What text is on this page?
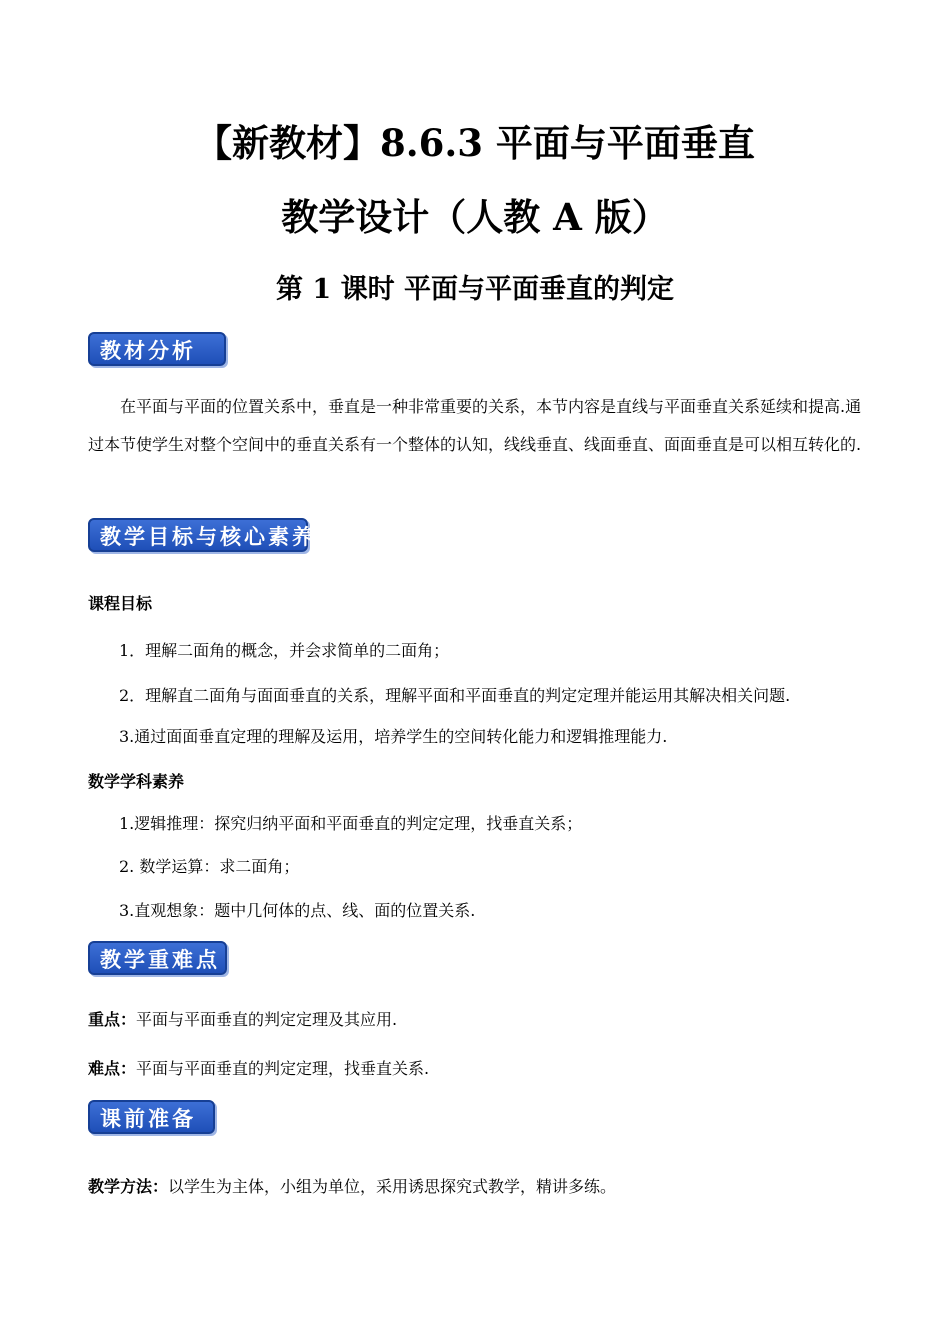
【新教材】8.6.3 平面与平面垂直
教学设计（人教 A 版）
第 1 课时 平面与平面垂直的判定
教材分析
在平面与平面的位置关系中，垂直是一种非常重要的关系，本节内容是直线与平面垂直关系延续和提高.通过本节使学生对整个空间中的垂直关系有一个整体的认知，线线垂直、线面垂直、面面垂直是可以相互转化的.
教学目标与核心素养
课程目标
1．理解二面角的概念，并会求简单的二面角；
2．理解直二面角与面面垂直的关系，理解平面和平面垂直的判定定理并能运用其解决相关问题.
3.通过面面垂直定理的理解及运用，培养学生的空间转化能力和逻辑推理能力.
数学学科素养
1.逻辑推理：探究归纳平面和平面垂直的判定定理，找垂直关系；
2. 数学运算：求二面角；
3.直观想象：题中几何体的点、线、面的位置关系.
教学重难点
重点：平面与平面垂直的判定定理及其应用.
难点：平面与平面垂直的判定定理，找垂直关系.
课前准备
教学方法：以学生为主体，小组为单位，采用诱思探究式教学，精讲多练。
